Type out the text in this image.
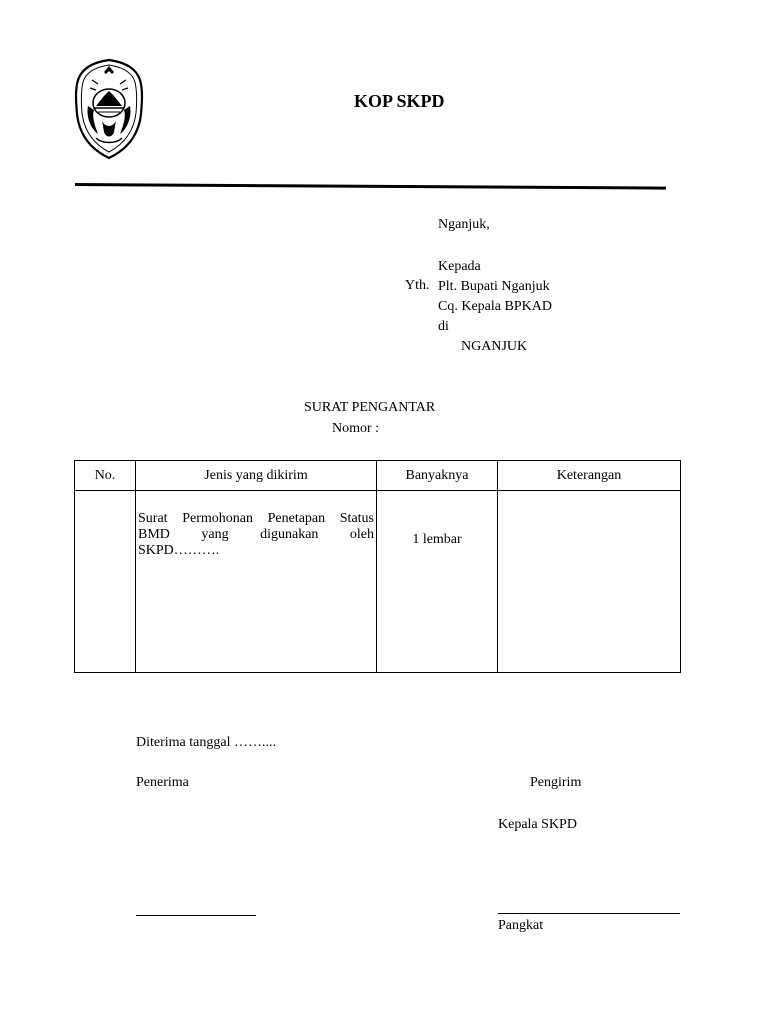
KOP SKPD
Nganjuk,
Yth.
Kepada
Plt. Bupati Nganjuk
Cq. Kepala BPKAD
di
NGANJUK
SURAT PENGANTAR
Nomor :
No.	Jenis yang dikirim	Banyaknya	Keterangan
	Surat Permohonan Penetapan Status BMD yang digunakan oleh SKPD……….	1 lembar	
Diterima tanggal ……....
Penerima	Pengirim
Kepala SKPD
Pangkat
